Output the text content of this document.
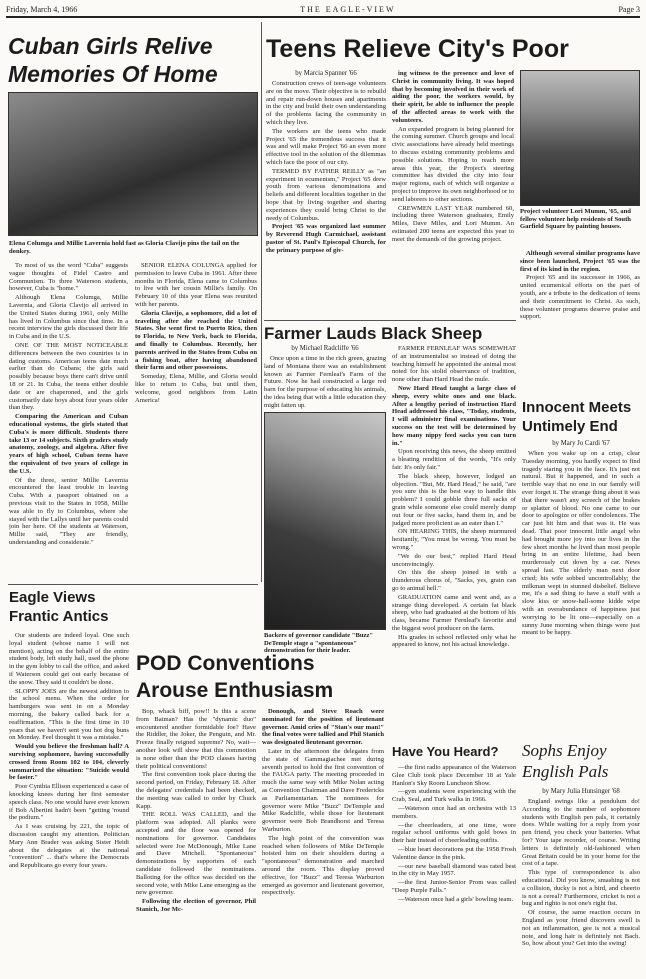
Friday, March 4, 1966	THE EAGLE-VIEW	Page 3
Cuban Girls Relive Memories Of Home
Elena Columga and Millie Lavernia hold fast as Gloria Clavijo pins the tail on the donkey.

To most of us the word "Cuba" suggests vague thoughts of Fidel Castro and Communism. To three Waterson students, however, Cuba is "home."

Although Elena Columga, Millie Lavernia, and Gloria Clavijo all arrived in the United States during 1961, only Millie has lived in Columbus since that time. In a recent interview the girls discussed their life in Cuba and in the U.S.

ONE OF THE MOST NOTICEABLE differences between the two countries is in dating customs. American teens date much earlier than do Cubans; the girls said possibly because boys there can't drive until 18 or 21. In Cuba, the teens either double date or are chaperoned, and the girls customarily date boys about four years older than they.

Comparing the American and Cuban educational systems, the girls stated that Cuba's is more difficult. Students there take 13 or 14 subjects. Sixth graders study anatomy, zoology, and algebra. After five years of high school, Cuban teens have the equivalent of two years of college in the U.S.

Of the three, senior Millie Lavernia encountered the least trouble in leaving Cuba. With a passport obtained on a previous visit to the States in 1958, Millie was able to fly to Columbus, where she stayed with the Lallys until her parents could join her here. Of the students at Waterson, Millie said, "They are friendly, understanding and considerate."

SENIOR ELENA COLUNGA applied for permission to leave Cuba in 1961. After three months in Florida, Elena came to Columbus to live with her cousin Millie's family. On February 10 of this year Elena was reunited with her parents.

Gloria Clavijo, a sophomore, did a lot of traveling after she reached the United States. She went first to Puerto Rico, then to Florida, to New York, back to Florida, and finally to Columbus. Recently, her parents arrived in the States from Cuba on a fishing boat, after having abandoned their farm and other possessions.

Someday, Elena, Millie, and Gloria would like to return to Cuba, but until then, welcome, good neighbors from Latin America!

Teens Relieve City's Poor
by Marcia Spanner '66

Construction crews of teen-age volunteers are on the move. Their objective is to rebuild and repair run-down houses and apartments in the city and build their own understanding of the problems facing the community in which they live.

The workers are the teens who made Project '65 the tremendous success that it was and will make Project '66 an even more effective tool in the solution of the dilemmas which face the poor of our city.

TERMED BY FATHER REILLY as "an experiment in ecumenism," Project '65 drew youth from various denominations and beliefs and different localities together in the hope that by living together and sharing experiences they could bring Christ to the needy of Columbus.

Project '65 was organized last summer by Reverend Hugh Carmichael, assistant pastor of St. Paul's Episcopal Church, for the primary purpose of giv-

ing witness to the presence and love of Christ in community living. It was hoped that by becoming involved in their work of aiding the poor, the workers would, by their spirit, be able to influence the people of the affected areas to work with the volunteers.

An expanded program is being planned for the coming summer. Church groups and local civic associations have already held meetings to discuss existing community problems and possible solutions. Hoping to reach more areas this year, the Project's steering committee has divided the city into four major regions, each of which will organize a project to improve its own neighborhood or to send laborers to other sections.

CREWMEN LAST YEAR numbered 60, including three Waterson graduates, Emily Miles, Dave Miles, and Lori Mumm. An estimated 200 teens are expected this year to meet the demands of the growing project.

Project volunteer Lori Mumm, '65, and fellow volunteer help residents of South Garfield Square by painting houses.

Although several similar programs have since been launched, Project '65 was the first of its kind in the region.

Project '65 and its successor in 1966, as united ecumenical efforts on the part of youth, are a tribute to the dedication of teens and their commitment to Christ. As such, these volunteer programs deserve praise and support.

Farmer Lauds Black Sheep
by Michael Radcliffe '66

Once upon a time in the rich green, grazing land of Montana there was an establishment known as Farmer Fernleaf's Farm of the Future. Now he had constructed a large red barn for the purpose of educating his animals, the idea being that with a little education they might fatten up.

FARMER FERNLEAF WAS SOMEWHAT of an instrumentalist so instead of doing the teaching himself he appointed the animal most noted for his stolid observance of tradition, none other than Hard Head the mule.

Now Hard Head taught a large class of sheep, every white ones and one black. After a lengthy period of instruction Hard Head addressed his class, "Today, students, I will administer final examinations. Your success on the test will be determined by how many nippy feed sacks you can turn in."

Upon receiving this news, the sheep emitted a bleating rendition of the words, "It's only fair. It's only fair."

The black sheep, however, lodged an objection. "But, Mr. Hard Head," he said, "are you sure this is the best way to handle this problem? I could gobble three full sacks of grain while someone else could merely dump out four or five sacks, hand them in, and be judged more proficient as an eater than I."

ON HEARING THIS, the sheep murmured hesitantly, "You must be wrong. You must be wrong."

"We do our best," replied Hard Head unconvincingly.

On this the sheep joined in with a thunderous chorus of, "Sacks, yes, grain can go to animal hell."

GRADUATION came and went and, as a strange thing developed. A certain fat black sheep, who had graduated at the bottom of his class, became Farmer Fernleaf's favorite and the biggest wool producer on the farm.

His grades in school reflected only what he appeared to know, not his actual knowledge.

Backers of governor candidate "Buzz" DeTemple stage a "spontaneous" demonstration for their leader.
Innocent Meets Untimely End
by Mary Jo Cardi '67

When you wake up on a crisp, clear Tuesday morning, you hardly expect to find tragedy staring you in the face. It's just not natural. But it happened, and in such a terrible way that no one in our family will ever forget it. The strange thing about it was that there wasn't any screech of the brakes or splatter of blood. No one came to our door to apologize or offer condolences. The car just hit him and that was it. He was dead. That poor innocent little angel who had brought more joy into our lives in the few short months he lived than most people bring in an entire lifetime, had been murderously cut down by a car. News spread fast. The elderly man next door cried; his wife sobbed uncontrollably; the milkman wept in stunned disbelief. Believe me, it's a sad thing to have a stuff with a slow kiss or snow-hall-some kidde wipe with an overabundance of happiness just worrying to be lit one—especially on a sunny June morning when things were just meant to be happy.

Eagle Views Frantic Antics

Our students are indeed loyal. One such loyal student (whose name I will not mention), acting on the behalf of the entire student body, left study hall, used the phone in the gym lobby to call the office, and asked if Waterson could get out early because of the snow. They said it couldn't be done.

SLOPPY JOES are the newest addition to the school menu. When the order for hamburgers was sent in on a Monday morning, the bakery called back for a reaffirmation. "This is the first time in 10 years that we haven't sent you hot dog buns on Monday. Feel thought it was a mistake."

Would you believe the freshman hall? A surviving sophomore, having successfully crossed from Room 102 to 104, cleverly summarized the situation: "Suicide would be faster."

Poor Cynthia Ellison experienced a case of knocking knees during her first semester speech class. No one would have ever known if Bob Albertini hadn't been "getting 'round the podium."

As I was cruising by 221, the topic of discussion caught my attention. Politician Mary Ann Brader was asking Sister Heidi about the delegates at the national "convention" ... that's where the Democrats and Republicans go every four years.

POD Conventions Arouse Enthusiasm

Bop, whack biff, pow!! Is this a scene from Batman? Has the "dynamic duo" encountered another formidable foe? Have the Riddler, the Joker, the Penguin, and Mr. Freeze finally reigned supreme? No, wait—another look will show that this commotion is none other than the POD classes having their political conventions!

The first convention took place during the second period, on Friday, February 18. After the delegates' credentials had been checked, the meeting was called to order by Chuck Kapp.

THE ROLL WAS CALLED, and the platform was adopted. All planks were accepted and the floor was opened for nominations for governor. Candidates selected were Joe McDonough, Mike Lane and Dave Mitchell. "Spontaneous" demonstrations by supporters of each candidate followed the nominations. Balloting for the office was decided on the second vote, with Mike Lane emerging as the new governor.

Following the election of governor, Phil Stanich, Joe Mc-

Donough, and Steve Roach were nominated for the position of lieutenant governor. Amid cries of "Stan's our man!" the final votes were tallied and Phil Stanich was designated lieutenant governor.

Later in the afternoon the delegates from the state of Gammagiachee met during seventh period to hold the first convention of the FAUGA party. The meeting proceeded in much the same way with Mike Nolan acting as Convention Chairman and Dave Fredericks as Parliamentarian. The nominees for governor were Mike "Buzz" DeTemple and Mike Radcliffe, while those for lieutenant governor were Bob Brandhorst and Teresa Warburton.

The high point of the convention was reached when followers of Mike DeTemple hoisted him on their shoulders during a "spontaneous" demonstration and marched around the room. This display proved effective, for "Buzz" and Teresa Warburton emerged as governor and lieutenant governor, respectively.

Have You Heard?

—the first radio appearance of the Waterson Glee Club took place December 18 at Yale Hanlon's Sky Room Luncheon Show.

—gym students were experiencing with the Crab, Seal, and Turk walks in 1966.

—Waterson once had an orchestra with 13 members.

—the cheerleaders, at one time, wore regular school uniforms with gold bows in their hair instead of cheerleading outfits.

—blue heart decorations put the 1958 Frosh Valentine dance in the pink.

—our new baseball diamond was rated best in the city in May 1957.

—the first Junior-Senior Prom was called "Deep Purple Falls."

—Waterson once had a girls' bowling team.

Sophs Enjoy English Pals
by Mary Julia Hunsinger '68

England swings like a pendulum do! According to the number of sophomore students with English pen pals, it certainly does. While waiting for a reply from your pen friend, you check your batteries. What for? Your tape recorder, of course. Writing letters is definitely old-fashioned when Great Britain could be in your home for the cost of a tape.

This type of correspondence is also educational. Did you know, smashing is not a collision, ducky is not a bird, and cheerio is not a cereal? Furthermore, cricket is not a bug and righto is not one's right fist.

Of course, the same reaction occurs in England as your friend discovers swell is not an inflammation, gee is not a musical note, and long hair is definitely not Bach. So, how about you? Get into the swing!
